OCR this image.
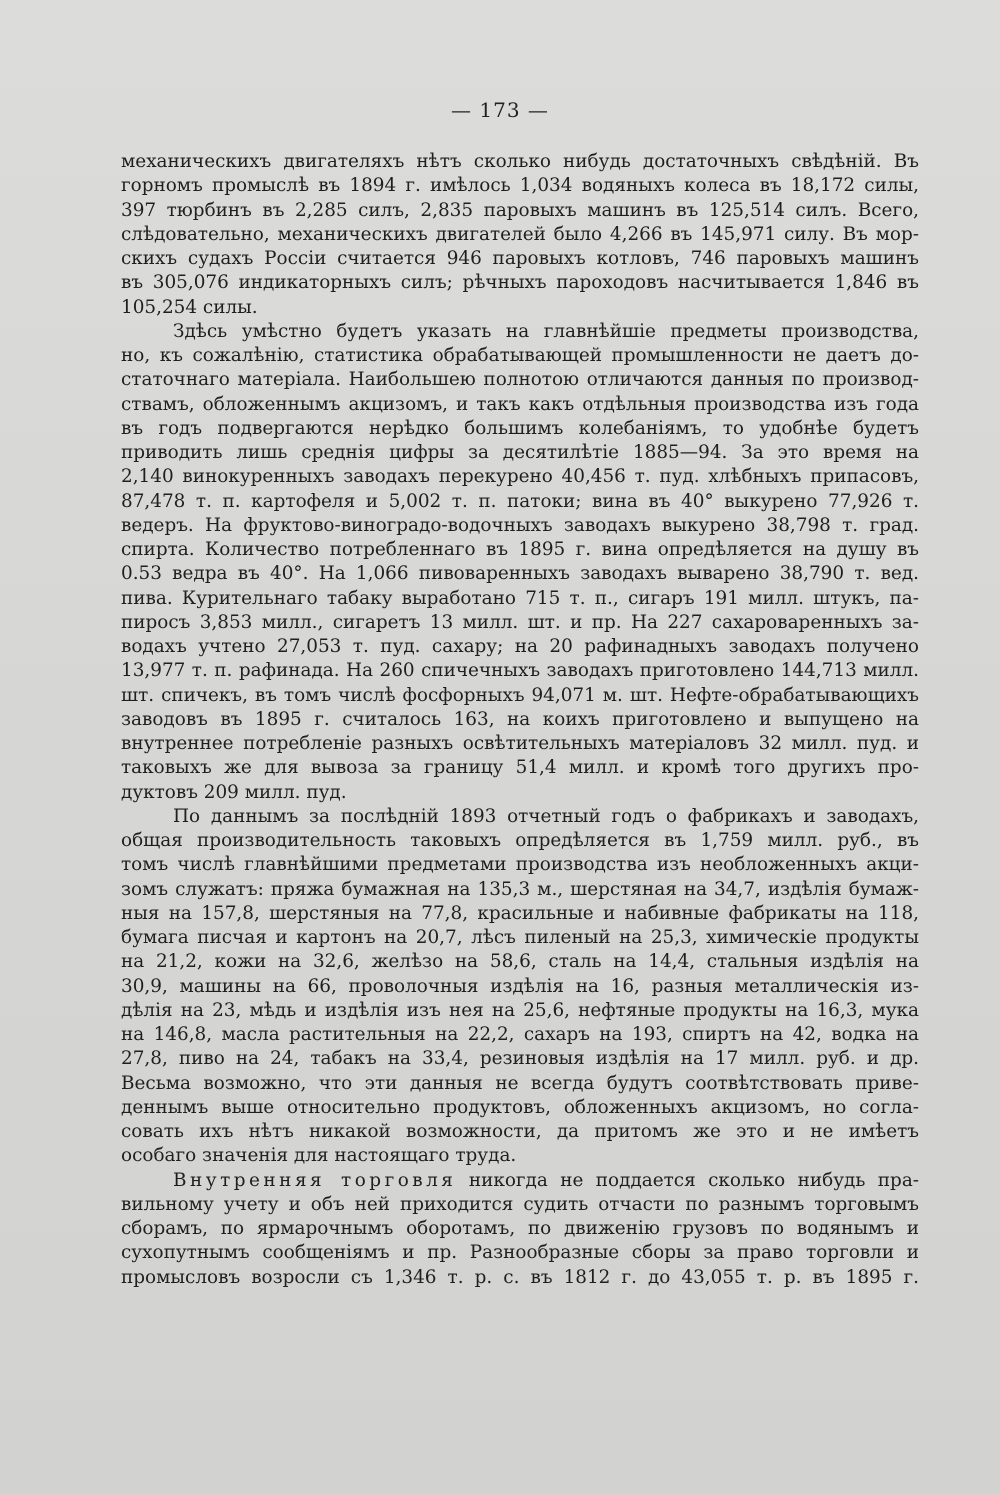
— 173 —
механическихъ двигателяхъ нѣтъ сколько нибудь достаточныхъ свѣдѣній. Въ
горномъ промыслѣ въ 1894 г. имѣлось 1,034 водяныхъ колеса въ 18,172 силы,
397 тюрбинъ въ 2,285 силъ, 2,835 паровыхъ машинъ въ 125,514 силъ. Всего,
слѣдовательно, механическихъ двигателей было 4,266 въ 145,971 силу. Въ мор-
скихъ судахъ Россіи считается 946 паровыхъ котловъ, 746 паровыхъ машинъ
въ 305,076 индикаторныхъ силъ; рѣчныхъ пароходовъ насчитывается 1,846 въ
105,254 силы.
Здѣсь умѣстно будетъ указать на главнѣйшіе предметы производства,
но, къ сожалѣнію, статистика обрабатывающей промышленности не даетъ до-
статочнаго матеріала. Наибольшею полнотою отличаются данныя по производ-
ствамъ, обложеннымъ акцизомъ, и такъ какъ отдѣльныя производства изъ года
въ годъ подвергаются нерѣдко большимъ колебаніямъ, то удобнѣе будетъ
приводить лишь среднія цифры за десятилѣтіе 1885—94. За это время на
2,140 винокуренныхъ заводахъ перекурено 40,456 т. пуд. хлѣбныхъ припасовъ,
87,478 т. п. картофеля и 5,002 т. п. патоки; вина въ 40° выкурено 77,926 т.
ведеръ. На фруктово-виноградо-водочныхъ заводахъ выкурено 38,798 т. град.
спирта. Количество потребленнаго въ 1895 г. вина опредѣляется на душу въ
0.53 ведра въ 40°. На 1,066 пивоваренныхъ заводахъ выварено 38,790 т. вед.
пива. Курительнаго табаку выработано 715 т. п., сигаръ 191 милл. штукъ, па-
пиросъ 3,853 милл., сигаретъ 13 милл. шт. и пр. На 227 сахароваренныхъ за-
водахъ учтено 27,053 т. пуд. сахару; на 20 рафинадныхъ заводахъ получено
13,977 т. п. рафинада. На 260 спичечныхъ заводахъ приготовлено 144,713 милл.
шт. спичекъ, въ томъ числѣ фосфорныхъ 94,071 м. шт. Нефте-обрабатывающихъ
заводовъ въ 1895 г. считалось 163, на коихъ приготовлено и выпущено на
внутреннее потребленіе разныхъ освѣтительныхъ матеріаловъ 32 милл. пуд. и
таковыхъ же для вывоза за границу 51,4 милл. и кромѣ того другихъ про-
дуктовъ 209 милл. пуд.
По даннымъ за послѣдній 1893 отчетный годъ о фабрикахъ и заводахъ,
общая производительность таковыхъ опредѣляется въ 1,759 милл. руб., въ
томъ числѣ главнѣйшими предметами производства изъ необложенныхъ акци-
зомъ служатъ: пряжа бумажная на 135,3 м., шерстяная на 34,7, издѣлія бумаж-
ныя на 157,8, шерстяныя на 77,8, красильные и набивные фабрикаты на 118,
бумага писчая и картонъ на 20,7, лѣсъ пиленый на 25,3, химическіе продукты
на 21,2, кожи на 32,6, желѣзо на 58,6, сталь на 14,4, стальныя издѣлія на
30,9, машины на 66, проволочныя издѣлія на 16, разныя металлическія из-
дѣлія на 23, мѣдь и издѣлія изъ нея на 25,6, нефтяные продукты на 16,3, мука
на 146,8, масла растительныя на 22,2, сахаръ на 193, спиртъ на 42, водка на
27,8, пиво на 24, табакъ на 33,4, резиновыя издѣлія на 17 милл. руб. и др.
Весьма возможно, что эти данныя не всегда будутъ соотвѣтствовать приве-
деннымъ выше относительно продуктовъ, обложенныхъ акцизомъ, но согла-
совать ихъ нѣтъ никакой возможности, да притомъ же это и не имѣетъ
особаго значенія для настоящаго труда.
Внутренняя торговля никогда не поддается сколько нибудь пра-
вильному учету и объ ней приходится судить отчасти по разнымъ торговымъ
сборамъ, по ярмарочнымъ оборотамъ, по движенію грузовъ по водянымъ и
сухопутнымъ сообщеніямъ и пр. Разнообразные сборы за право торговли и
промысловъ возросли съ 1,346 т. р. с. въ 1812 г. до 43,055 т. р. въ 1895 г.
